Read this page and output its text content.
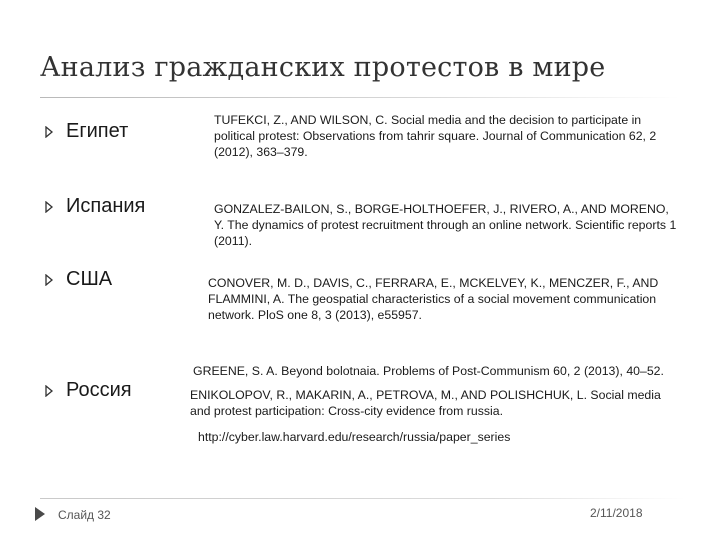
Анализ гражданских протестов в мире
Египет
Испания
США
Россия
TUFEKCI, Z., AND WILSON, C. Social media and the decision to participate in political protest: Observations from tahrir square. Journal of Communication 62, 2 (2012), 363–379.
GONZALEZ-BAILON, S., BORGE-HOLTHOEFER, J., RIVERO, A., AND MORENO, Y. The dynamics of protest recruitment through an online network. Scientific reports 1 (2011).
CONOVER, M. D., DAVIS, C., FERRARA, E., MCKELVEY, K., MENCZER, F., AND FLAMMINI, A. The geospatial characteristics of a social movement communication network. PloS one 8, 3 (2013), e55957.
GREENE, S. A. Beyond bolotnaia. Problems of Post-Communism 60, 2 (2013), 40–52.
ENIKOLOPOV, R., MAKARIN, A., PETROVA, M., AND POLISHCHUK, L. Social media and protest participation: Cross-city evidence from russia.
http://cyber.law.harvard.edu/research/russia/paper_series
Слайд 32	2/11/2018
